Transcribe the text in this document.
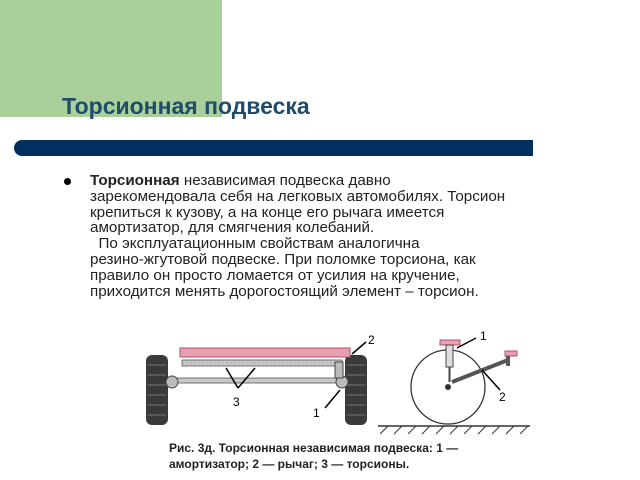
Торсионная подвеска
Торсионная независимая подвеска давно
зарекомендовала себя на легковых автомобилях. Торсион
крепиться к кузову, а на конце его рычага имеется
амортизатор, для смягчения колебаний.
По эксплуатационным свойствам аналогична
резино-жгутовой подвеске. При поломке торсиона, как
правило он просто ломается от усилия на кручение,
приходится менять дорогостоящий элемент – торсион.
2
3
1
1
2
Рис. 3д. Торсионная независимая подвеска: 1 —
амортизатор; 2 — рычаг; 3 — торсионы.
